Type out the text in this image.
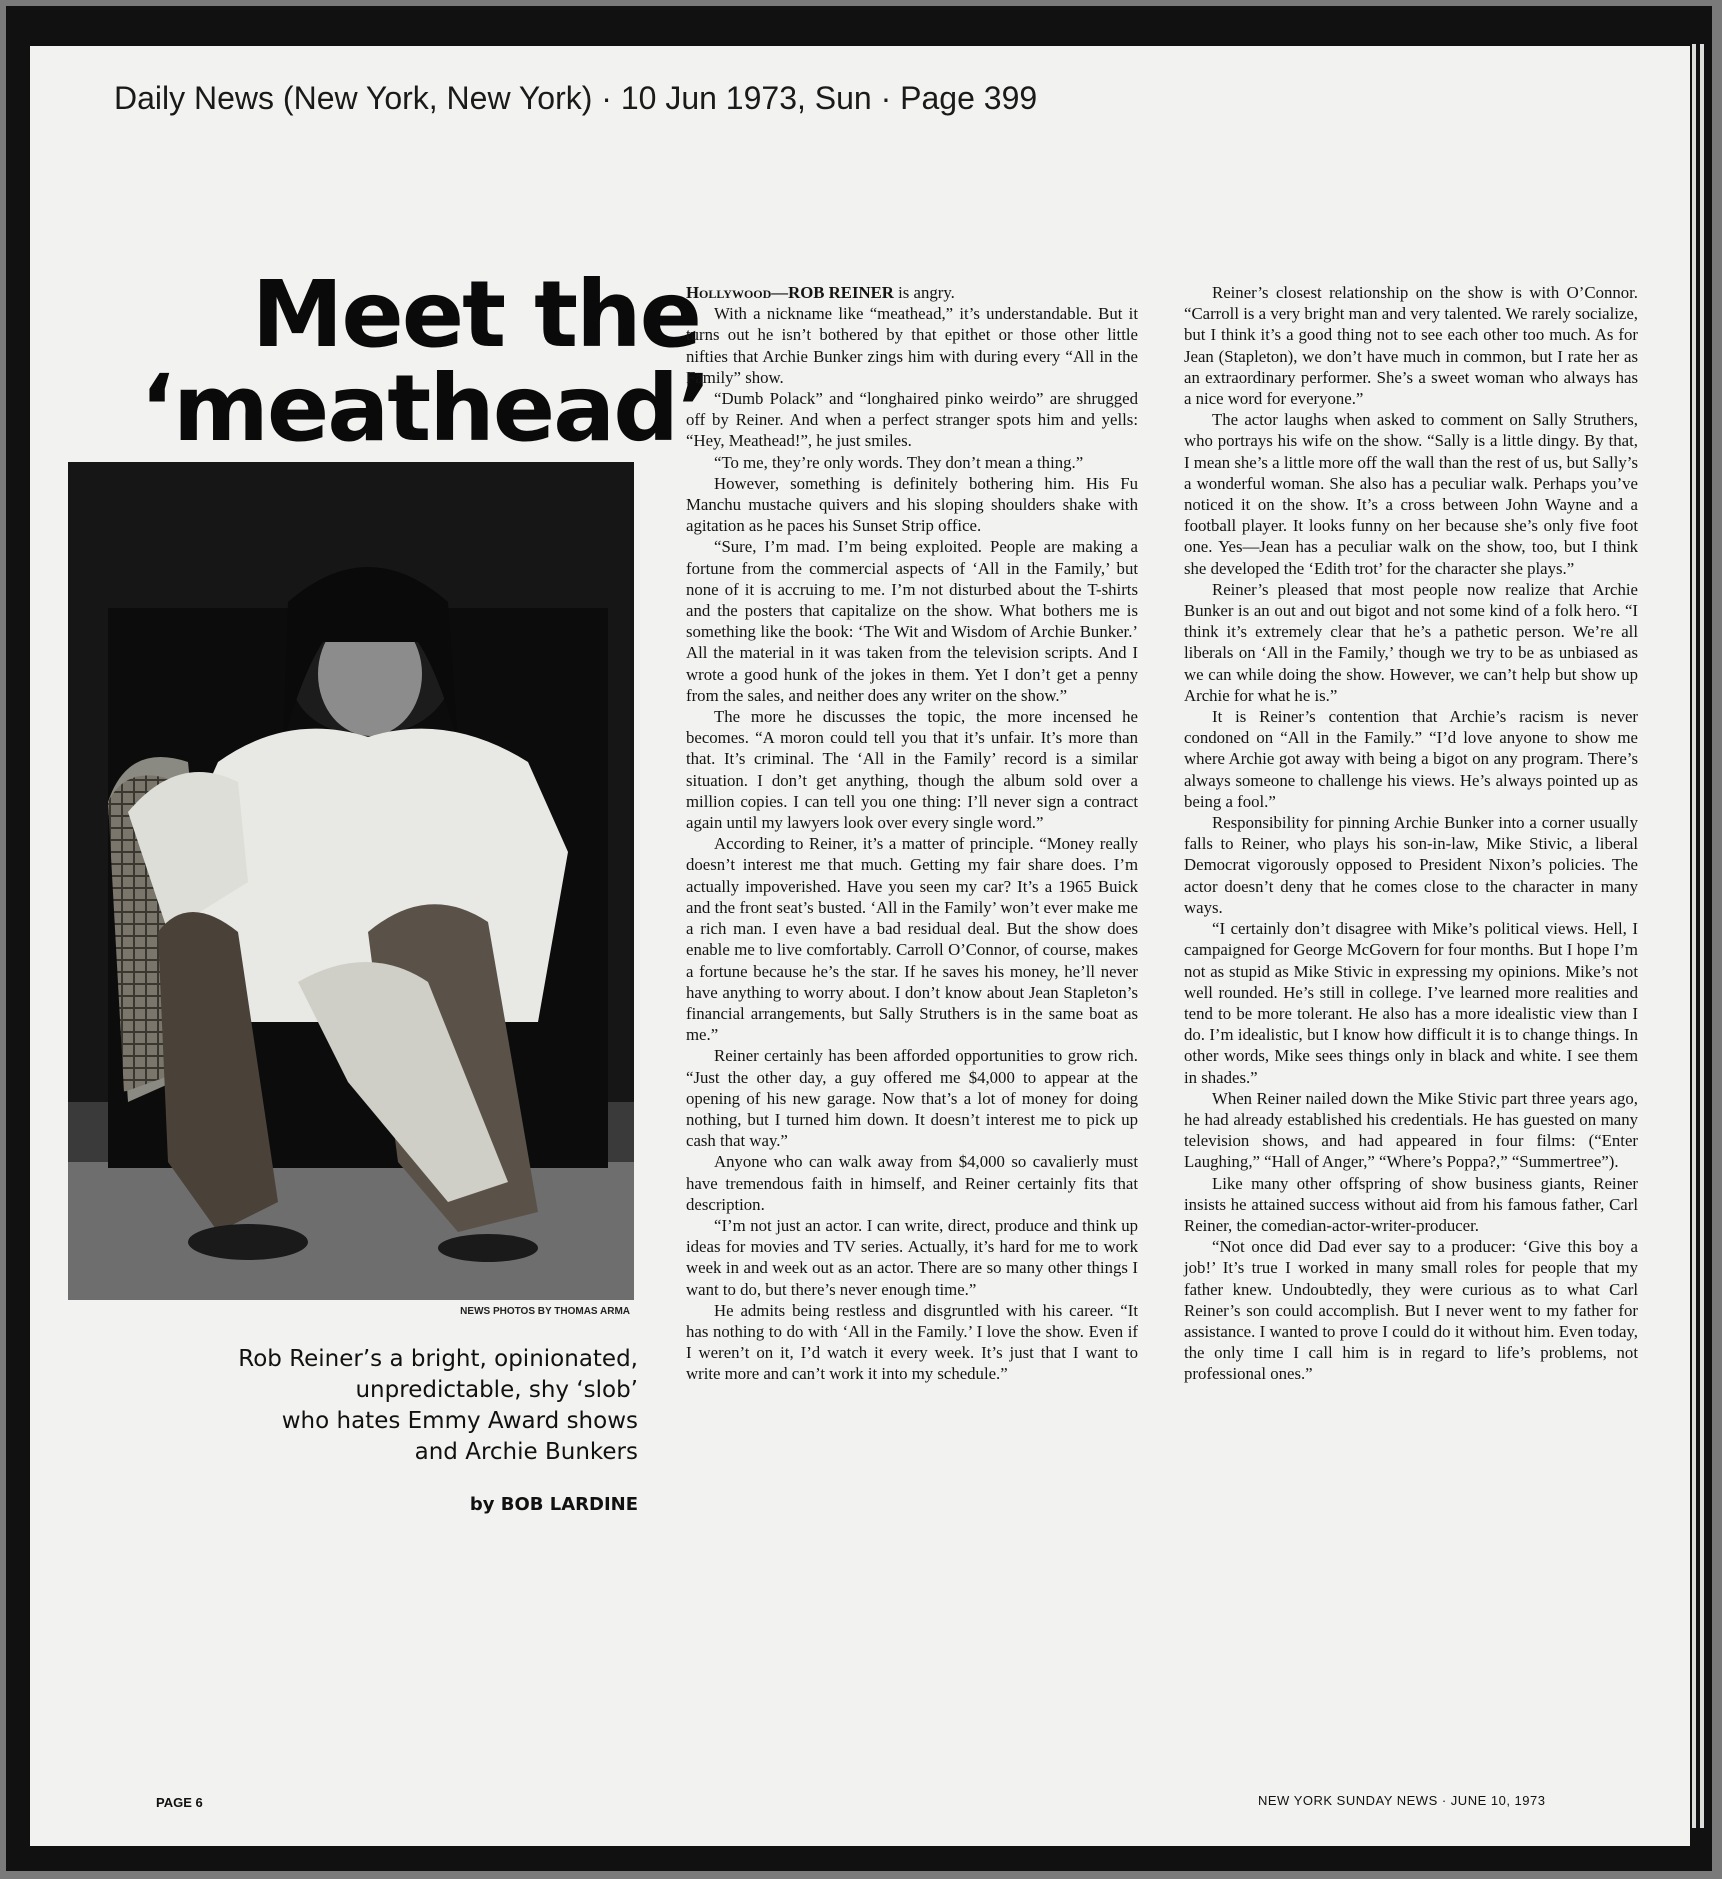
Daily News (New York, New York) · 10 Jun 1973, Sun · Page 399
Meet the
‘meathead’
NEWS PHOTOS BY THOMAS ARMA
Rob Reiner’s a bright, opinionated,
unpredictable, shy ‘slob’
who hates Emmy Award shows
and Archie Bunkers
by BOB LARDINE

Hollywood—ROB REINER is angry.

With a nickname like “meathead,” it’s understandable. But it turns out he isn’t bothered by that epithet or those other little nifties that Archie Bunker zings him with during every “All in the Family” show.

“Dumb Polack” and “longhaired pinko weirdo” are shrugged off by Reiner. And when a perfect stranger spots him and yells: “Hey, Meathead!”, he just smiles.

“To me, they’re only words. They don’t mean a thing.”

However, something is definitely bothering him. His Fu Manchu mustache quivers and his sloping shoulders shake with agitation as he paces his Sunset Strip office.

“Sure, I’m mad. I’m being exploited. People are making a fortune from the commercial aspects of ‘All in the Family,’ but none of it is accruing to me. I’m not disturbed about the T-shirts and the posters that capitalize on the show. What bothers me is something like the book: ‘The Wit and Wisdom of Archie Bunker.’ All the material in it was taken from the television scripts. And I wrote a good hunk of the jokes in them. Yet I don’t get a penny from the sales, and neither does any writer on the show.”

The more he discusses the topic, the more incensed he becomes. “A moron could tell you that it’s unfair. It’s more than that. It’s criminal. The ‘All in the Family’ record is a similar situation. I don’t get anything, though the album sold over a million copies. I can tell you one thing: I’ll never sign a contract again until my lawyers look over every single word.”

According to Reiner, it’s a matter of principle. “Money really doesn’t interest me that much. Getting my fair share does. I’m actually impoverished. Have you seen my car? It’s a 1965 Buick and the front seat’s busted. ‘All in the Family’ won’t ever make me a rich man. I even have a bad residual deal. But the show does enable me to live comfortably. Carroll O’Connor, of course, makes a fortune because he’s the star. If he saves his money, he’ll never have anything to worry about. I don’t know about Jean Stapleton’s financial arrangements, but Sally Struthers is in the same boat as me.”

Reiner certainly has been afforded opportunities to grow rich. “Just the other day, a guy offered me $4,000 to appear at the opening of his new garage. Now that’s a lot of money for doing nothing, but I turned him down. It doesn’t interest me to pick up cash that way.”

Anyone who can walk away from $4,000 so cavalierly must have tremendous faith in himself, and Reiner certainly fits that description.

“I’m not just an actor. I can write, direct, produce and think up ideas for movies and TV series. Actually, it’s hard for me to work week in and week out as an actor. There are so many other things I want to do, but there’s never enough time.”

He admits being restless and disgruntled with his career. “It has nothing to do with ‘All in the Family.’ I love the show. Even if I weren’t on it, I’d watch it every week. It’s just that I want to write more and can’t work it into my schedule.”

Reiner’s closest relationship on the show is with O’Connor. “Carroll is a very bright man and very talented. We rarely socialize, but I think it’s a good thing not to see each other too much. As for Jean (Stapleton), we don’t have much in common, but I rate her as an extraordinary performer. She’s a sweet woman who always has a nice word for everyone.”

The actor laughs when asked to comment on Sally Struthers, who portrays his wife on the show. “Sally is a little dingy. By that, I mean she’s a little more off the wall than the rest of us, but Sally’s a wonderful woman. She also has a peculiar walk. Perhaps you’ve noticed it on the show. It’s a cross between John Wayne and a football player. It looks funny on her because she’s only five foot one. Yes—Jean has a peculiar walk on the show, too, but I think she developed the ‘Edith trot’ for the character she plays.”

Reiner’s pleased that most people now realize that Archie Bunker is an out and out bigot and not some kind of a folk hero. “I think it’s extremely clear that he’s a pathetic person. We’re all liberals on ‘All in the Family,’ though we try to be as unbiased as we can while doing the show. However, we can’t help but show up Archie for what he is.”

It is Reiner’s contention that Archie’s racism is never condoned on “All in the Family.” “I’d love anyone to show me where Archie got away with being a bigot on any program. There’s always someone to challenge his views. He’s always pointed up as being a fool.”

Responsibility for pinning Archie Bunker into a corner usually falls to Reiner, who plays his son-in-law, Mike Stivic, a liberal Democrat vigorously opposed to President Nixon’s policies. The actor doesn’t deny that he comes close to the character in many ways.

“I certainly don’t disagree with Mike’s political views. Hell, I campaigned for George McGovern for four months. But I hope I’m not as stupid as Mike Stivic in expressing my opinions. Mike’s not well rounded. He’s still in college. I’ve learned more realities and tend to be more tolerant. He also has a more idealistic view than I do. I’m idealistic, but I know how difficult it is to change things. In other words, Mike sees things only in black and white. I see them in shades.”

When Reiner nailed down the Mike Stivic part three years ago, he had already established his credentials. He has guested on many television shows, and had appeared in four films: (“Enter Laughing,” “Hall of Anger,” “Where’s Poppa?,” “Summertree”).

Like many other offspring of show business giants, Reiner insists he attained success without aid from his famous father, Carl Reiner, the comedian-actor-writer-producer.

“Not once did Dad ever say to a producer: ‘Give this boy a job!’ It’s true I worked in many small roles for people that my father knew. Undoubtedly, they were curious as to what Carl Reiner’s son could accomplish. But I never went to my father for assistance. I wanted to prove I could do it without him. Even today, the only time I call him is in regard to life’s problems, not professional ones.”

PAGE 6	NEW YORK SUNDAY NEWS · JUNE 10, 1973
